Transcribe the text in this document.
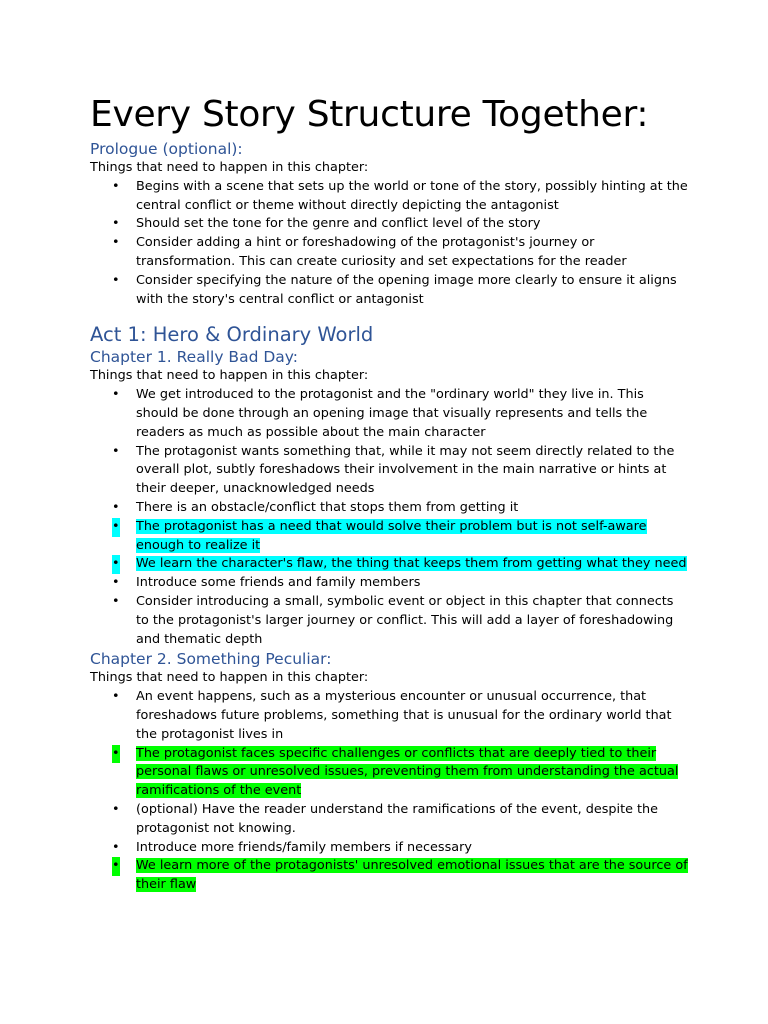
Every Story Structure Together:
Prologue (optional):

Things that need to happen in this chapter:

• Begins with a scene that sets up the world or tone of the story, possibly hinting at the central conflict or theme without directly depicting the antagonist
• Should set the tone for the genre and conflict level of the story
• Consider adding a hint or foreshadowing of the protagonist's journey or transformation. This can create curiosity and set expectations for the reader
• Consider specifying the nature of the opening image more clearly to ensure it aligns with the story's central conflict or antagonist
Act 1: Hero & Ordinary World
Chapter 1. Really Bad Day:

Things that need to happen in this chapter:

• We get introduced to the protagonist and the "ordinary world" they live in. This should be done through an opening image that visually represents and tells the readers as much as possible about the main character
• The protagonist wants something that, while it may not seem directly related to the overall plot, subtly foreshadows their involvement in the main narrative or hints at their deeper, unacknowledged needs
• There is an obstacle/conflict that stops them from getting it
• The protagonist has a need that would solve their problem but is not self-aware enough to realize it
• We learn the character's flaw, the thing that keeps them from getting what they need
• Introduce some friends and family members
• Consider introducing a small, symbolic event or object in this chapter that connects to the protagonist's larger journey or conflict. This will add a layer of foreshadowing and thematic depth
Chapter 2. Something Peculiar:

Things that need to happen in this chapter:

• An event happens, such as a mysterious encounter or unusual occurrence, that foreshadows future problems, something that is unusual for the ordinary world that the protagonist lives in
• The protagonist faces specific challenges or conflicts that are deeply tied to their personal flaws or unresolved issues, preventing them from understanding the actual ramifications of the event
• (optional) Have the reader understand the ramifications of the event, despite the protagonist not knowing.
• Introduce more friends/family members if necessary
• We learn more of the protagonists' unresolved emotional issues that are the source of their flaw
